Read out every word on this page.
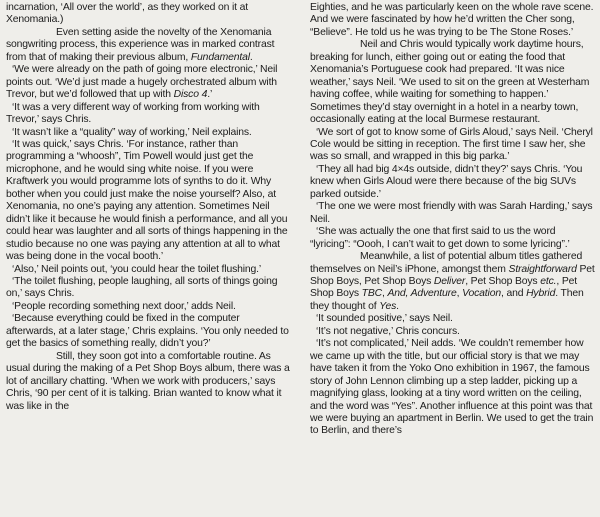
incarnation, ‘All over the world’, as they worked on it at Xenomania.)

Even setting aside the novelty of the Xenomania songwriting process, this experience was in marked contrast from that of making their previous album, Fundamental.

‘We were already on the path of going more electronic,’ Neil points out. ‘We’d just made a hugely orchestrated album with Trevor, but we’d followed that up with Disco 4.’

‘It was a very different way of working from working with Trevor,’ says Chris.

‘It wasn’t like a “quality” way of working,’ Neil explains.

‘It was quick,’ says Chris. ‘For instance, rather than programming a “whoosh”, Tim Powell would just get the microphone, and he would sing white noise. If you were Kraftwerk you would programme lots of synths to do it. Why bother when you could just make the noise yourself? Also, at Xenomania, no one’s paying any attention. Sometimes Neil didn’t like it because he would finish a performance, and all you could hear was laughter and all sorts of things happening in the studio because no one was paying any attention at all to what was being done in the vocal booth.’

‘Also,’ Neil points out, ‘you could hear the toilet flushing.’

‘The toilet flushing, people laughing, all sorts of things going on,’ says Chris.

‘People recording something next door,’ adds Neil.

‘Because everything could be fixed in the computer afterwards, at a later stage,’ Chris explains. ‘You only needed to get the basics of something really, didn’t you?’

Still, they soon got into a comfortable routine. As usual during the making of a Pet Shop Boys album, there was a lot of ancillary chatting. ‘When we work with producers,’ says Chris, ‘90 per cent of it is talking. Brian wanted to know what it was like in the

Eighties, and he was particularly keen on the whole rave scene. And we were fascinated by how he’d written the Cher song, “Believe”. He told us he was trying to be The Stone Roses.’

Neil and Chris would typically work daytime hours, breaking for lunch, either going out or eating the food that Xenomania’s Portuguese cook had prepared. ‘It was nice weather,’ says Neil. ‘We used to sit on the green at Westerham having coffee, while waiting for something to happen.’ Sometimes they’d stay overnight in a hotel in a nearby town, occasionally eating at the local Burmese restaurant.

‘We sort of got to know some of Girls Aloud,’ says Neil. ‘Cheryl Cole would be sitting in reception. The first time I saw her, she was so small, and wrapped in this big parka.’

‘They all had big 4×4s outside, didn’t they?’ says Chris. ‘You knew when Girls Aloud were there because of the big SUVs parked outside.’

‘The one we were most friendly with was Sarah Harding,’ says Neil.

‘She was actually the one that first said to us the word “lyricing”: “Oooh, I can’t wait to get down to some lyricing”.’

Meanwhile, a list of potential album titles gathered themselves on Neil’s iPhone, amongst them Straightforward Pet Shop Boys, Pet Shop Boys Deliver, Pet Shop Boys etc., Pet Shop Boys TBC, And, Adventure, Vocation, and Hybrid. Then they thought of Yes.

‘It sounded positive,’ says Neil.

‘It’s not negative,’ Chris concurs.

‘It’s not complicated,’ Neil adds. ‘We couldn’t remember how we came up with the title, but our official story is that we may have taken it from the Yoko Ono exhibition in 1967, the famous story of John Lennon climbing up a step ladder, picking up a magnifying glass, looking at a tiny word written on the ceiling, and the word was “Yes”. Another influence at this point was that we were buying an apartment in Berlin. We used to get the train to Berlin, and there’s
